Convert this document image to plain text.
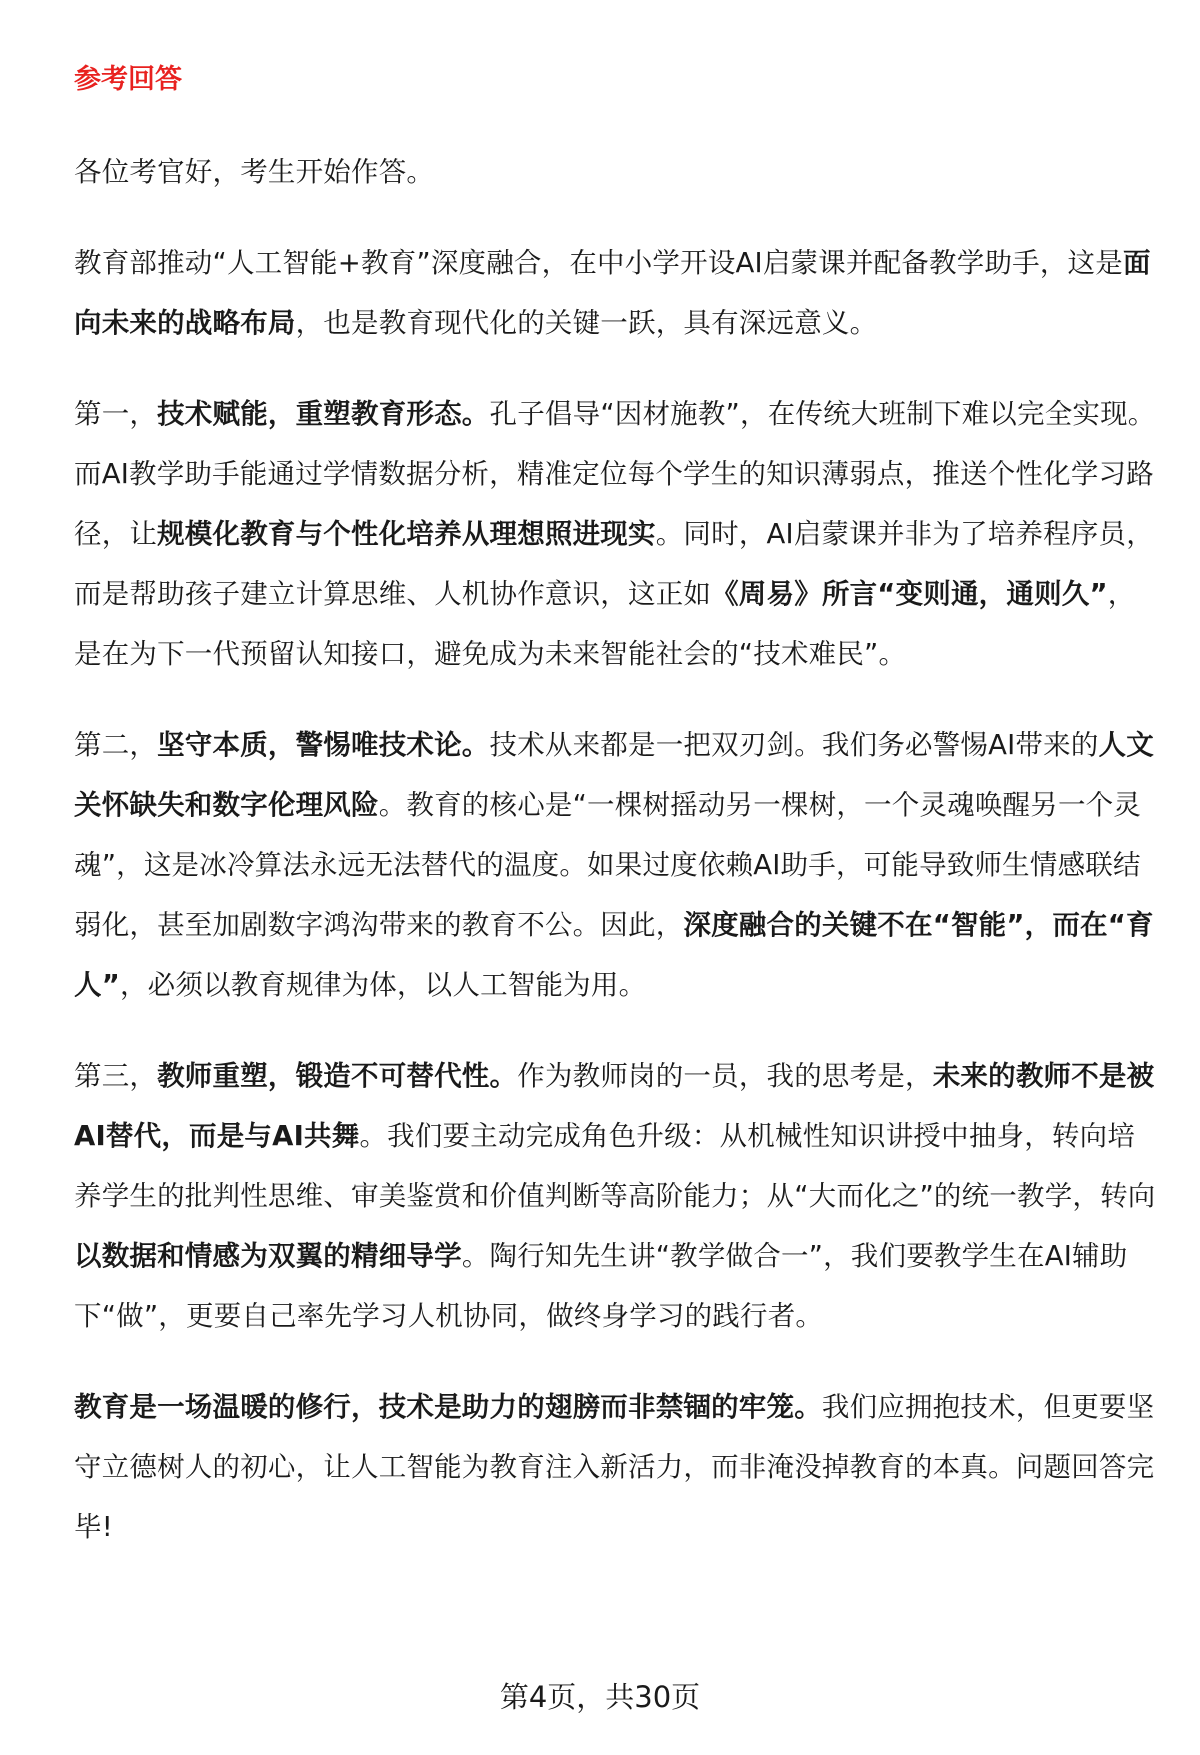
参考回答

各位考官好，考生开始作答。

教育部推动“人工智能+教育”深度融合，在中小学开设AI启蒙课并配备教学助手，这是面向未来的战略布局，也是教育现代化的关键一跃，具有深远意义。

第一，技术赋能，重塑教育形态。孔子倡导“因材施教”，在传统大班制下难以完全实现。而AI教学助手能通过学情数据分析，精准定位每个学生的知识薄弱点，推送个性化学习路径，让规模化教育与个性化培养从理想照进现实。同时，AI启蒙课并非为了培养程序员，而是帮助孩子建立计算思维、人机协作意识，这正如《周易》所言“变则通，通则久”，是在为下一代预留认知接口，避免成为未来智能社会的“技术难民”。

第二，坚守本质，警惕唯技术论。技术从来都是一把双刃剑。我们务必警惕AI带来的人文关怀缺失和数字伦理风险。教育的核心是“一棵树摇动另一棵树，一个灵魂唤醒另一个灵魂”，这是冰冷算法永远无法替代的温度。如果过度依赖AI助手，可能导致师生情感联结弱化，甚至加剧数字鸿沟带来的教育不公。因此，深度融合的关键不在“智能”，而在“育人”，必须以教育规律为体，以人工智能为用。

第三，教师重塑，锻造不可替代性。作为教师岗的一员，我的思考是，未来的教师不是被AI替代，而是与AI共舞。我们要主动完成角色升级：从机械性知识讲授中抽身，转向培养学生的批判性思维、审美鉴赏和价值判断等高阶能力；从“大而化之”的统一教学，转向以数据和情感为双翼的精细导学。陶行知先生讲“教学做合一”，我们要教学生在AI辅助下“做”，更要自己率先学习人机协同，做终身学习的践行者。

教育是一场温暖的修行，技术是助力的翅膀而非禁锢的牢笼。我们应拥抱技术，但更要坚守立德树人的初心，让人工智能为教育注入新活力，而非淹没掉教育的本真。问题回答完毕!

第4页，共30页
